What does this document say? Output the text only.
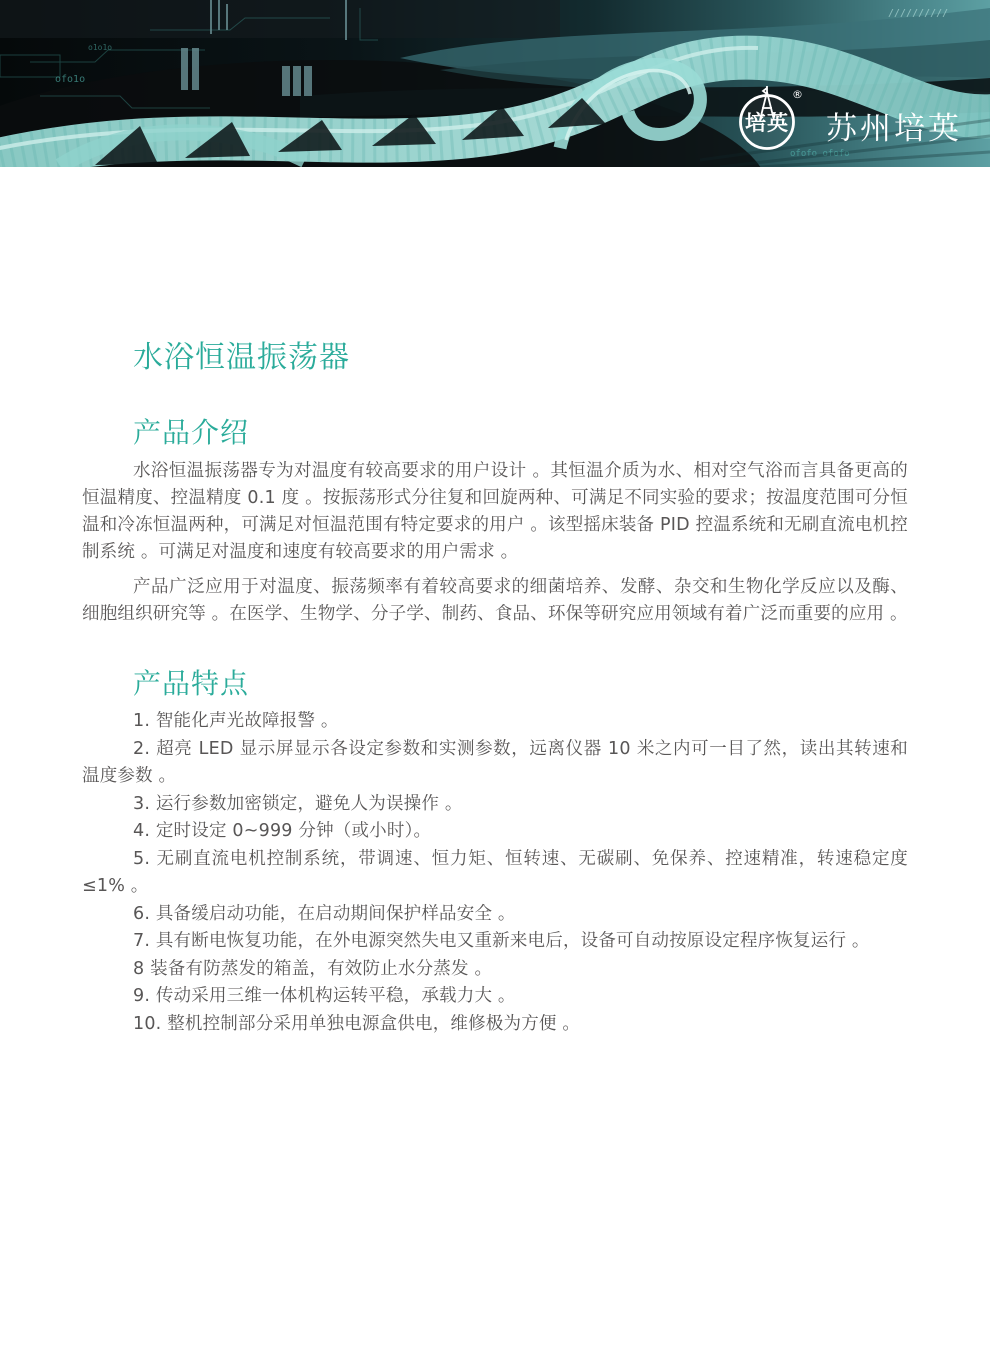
ofo1o
o1o1o
//////////
ofofo ofofo
培英
®
苏州培英
水浴恒温振荡器
产品介绍

水浴恒温振荡器专为对温度有较高要求的用户设计 。其恒温介质为水、相对空气浴而言具备更高的恒温精度、控温精度 0.1 度 。按振荡形式分往复和回旋两种、可满足不同实验的要求；按温度范围可分恒温和冷冻恒温两种，可满足对恒温范围有特定要求的用户 。该型摇床装备 PID 控温系统和无刷直流电机控制系统 。可满足对温度和速度有较高要求的用户需求 。

产品广泛应用于对温度、振荡频率有着较高要求的细菌培养、发酵、杂交和生物化学反应以及酶、细胞组织研究等 。在医学、生物学、分子学、制药、食品、环保等研究应用领域有着广泛而重要的应用 。

产品特点

1. 智能化声光故障报警 。

2. 超亮 LED 显示屏显示各设定参数和实测参数，远离仪器 10 米之内可一目了然，读出其转速和温度参数 。

3. 运行参数加密锁定，避免人为误操作 。

4. 定时设定 0~999 分钟（或小时）。

5. 无刷直流电机控制系统，带调速、恒力矩、恒转速、无碳刷、免保养、控速精准，转速稳定度≤1% 。

6. 具备缓启动功能，在启动期间保护样品安全 。

7. 具有断电恢复功能，在外电源突然失电又重新来电后，设备可自动按原设定程序恢复运行 。

8 装备有防蒸发的箱盖，有效防止水分蒸发 。

9. 传动采用三维一体机构运转平稳，承载力大 。

10. 整机控制部分采用单独电源盒供电，维修极为方便 。
